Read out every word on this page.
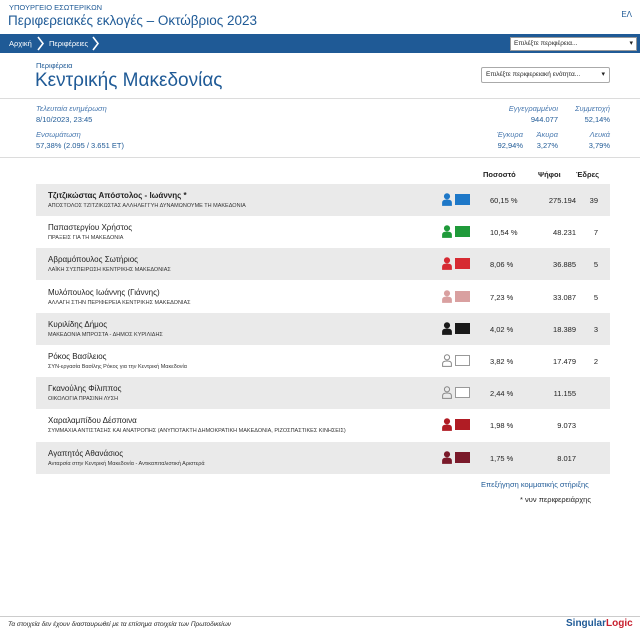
ΥΠΟΥΡΓΕΙΟ ΕΣΩΤΕΡΙΚΩΝ
Περιφερειακές εκλογές – Οκτώβριος 2023	ΕΛ
Αρχική Περιφέρειες	Επιλέξτε περιφέρεια...	▾
Περιφέρεια
Κεντρικής Μακεδονίας	Επιλέξτε περιφερειακή ενότητα...	▾
Τελευταία ενημέρωση
8/10/2023, 23:45
Ενσωμάτωση
57,38% (2.095 / 3.651 ΕΤ)
Εγγεγραμμένοι
944.077
Συμμετοχή
52,14%
Έγκυρα
92,94%
Άκυρα
3,27%
Λευκά
3,79%
Ποσοστό	Ψήφοι Έδρες
Τζιτζικώστας Απόστολος - Ιωάννης *
ΑΠΟΣΤΟΛΟΣ ΤΖΙΤΖΙΚΩΣΤΑΣ ΑΛΛΗΛΕΓΓΥΗ ΔΥΝΑΜΩΝΟΥΜΕ ΤΗ ΜΑΚΕΔΟΝΙΑ
60,15 %	275.194	39
Παπαστεργίου Χρήστος
ΠΡΑΞΕΙΣ ΓΙΑ ΤΗ ΜΑΚΕΔΟΝΙΑ
10,54 %	48.231	7
Αβραμόπουλος Σωτήριος
ΛΑΪΚΗ ΣΥΣΠΕΙΡΩΣΗ ΚΕΝΤΡΙΚΗΣ ΜΑΚΕΔΟΝΙΑΣ
8,06 %	36.885	5
Μυλόπουλος Ιωάννης (Γιάννης)
ΑΛΛΑΓΗ ΣΤΗΝ ΠΕΡΙΦΕΡΕΙΑ ΚΕΝΤΡΙΚΗΣ ΜΑΚΕΔΟΝΙΑΣ
7,23 %	33.087	5
Κυριλίδης Δήμος
ΜΑΚΕΔΟΝΙΑ ΜΠΡΟΣΤΑ - ΔΗΜΟΣ ΚΥΡΙΛΙΔΗΣ
4,02 %	18.389	3
Ρόκος Βασίλειος
ΣΥΝ-εργασία Βασίλης Ρόκος για την Κεντρική Μακεδονία
3,82 %	17.479	2
Γκανούλης Φίλιππος
ΟΙΚΟΛΟΓΙΑ ΠΡΑΣΙΝΗ ΛΥΣΗ
2,44 %	11.155
Χαραλαμπίδου Δέσποινα
ΣΥΜΜΑΧΙΑ ΑΝΤΙΣΤΑΣΗΣ ΚΑΙ ΑΝΑΤΡΟΠΗΣ (ΑΝΥΠΟΤΑΚΤΗ ΔΗΜΟΚΡΑΤΙΚΗ ΜΑΚΕΔΟΝΙΑ, ΡΙΖΟΣΠΑΣΤΙΚΕΣ ΚΙΝΗΣΕΙΣ)
1,98 %	9.073
Αγαπητός Αθανάσιος
Ανταρσία στην Κεντρική Μακεδονία - Αντικαπιταλιστική Αριστερά
1,75 %	8.017
Επεξήγηση κομματικής στήριξης
* νυν περιφερειάρχης
Τα στοιχεία δεν έχουν διασταυρωθεί με τα επίσημα στοιχεία των Πρωτοδικείων	SingularLogic
